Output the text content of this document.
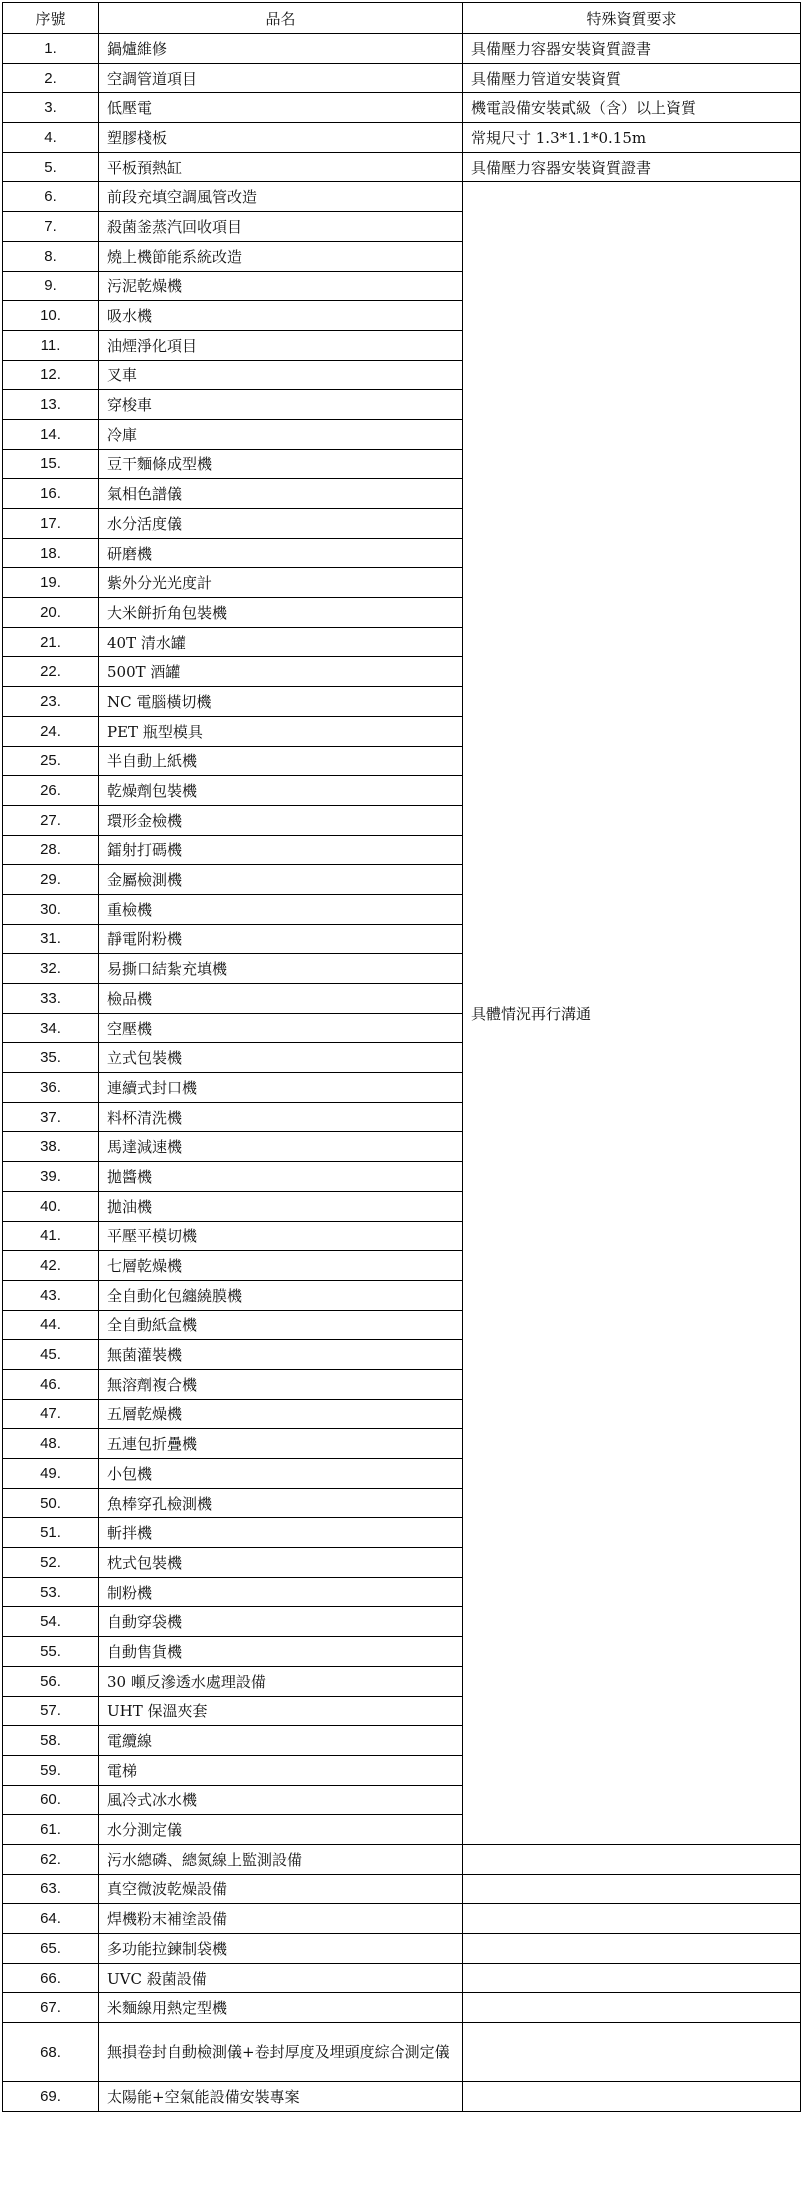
序號	品名	特殊資質要求
1.	鍋爐維修	具備壓力容器安裝資質證書
2.	空調管道項目	具備壓力管道安裝資質
3.	低壓電	機電設備安裝貳級（含）以上資質
4.	塑膠棧板	常規尺寸 1.3*1.1*0.15m
5.	平板預熱缸	具備壓力容器安裝資質證書
6.	前段充填空調風管改造	具體情況再行溝通
7.	殺菌釜蒸汽回收項目	
8.	燒上機節能系統改造	
9.	污泥乾燥機	
10.	吸水機	
11.	油煙淨化項目	
12.	叉車	
13.	穿梭車	
14.	冷庫	
15.	豆干麵條成型機	
16.	氣相色譜儀	
17.	水分活度儀	
18.	研磨機	
19.	紫外分光光度計	
20.	大米餅折角包裝機	
21.	40T 清水罐	
22.	500T 酒罐	
23.	NC 電腦橫切機	
24.	PET 瓶型模具	
25.	半自動上紙機	
26.	乾燥劑包裝機	
27.	環形金檢機	
28.	鐳射打碼機	
29.	金屬檢測機	
30.	重檢機	
31.	靜電附粉機	
32.	易撕口結紮充填機	
33.	檢品機	
34.	空壓機	
35.	立式包裝機	
36.	連續式封口機	
37.	料杯清洗機	
38.	馬達減速機	
39.	拋醬機	
40.	拋油機	
41.	平壓平模切機	
42.	七層乾燥機	
43.	全自動化包纏繞膜機	
44.	全自動紙盒機	
45.	無菌灌裝機	
46.	無溶劑複合機	
47.	五層乾燥機	
48.	五連包折疊機	
49.	小包機	
50.	魚棒穿孔檢測機	
51.	斬拌機	
52.	枕式包裝機	
53.	制粉機	
54.	自動穿袋機	
55.	自動售貨機	
56.	30 噸反滲透水處理設備	
57.	UHT 保溫夾套	
58.	電纜線	
59.	電梯	
60.	風冷式冰水機	
61.	水分測定儀	
62.	污水總磷、總氮線上監測設備	
63.	真空微波乾燥設備	
64.	焊機粉末補塗設備	
65.	多功能拉鍊制袋機	
66.	UVC 殺菌設備	
67.	米麵線用熱定型機	
68.	無損卷封自動檢測儀+卷封厚度及埋頭度綜合測定儀	
69.	太陽能+空氣能設備安裝專案	
